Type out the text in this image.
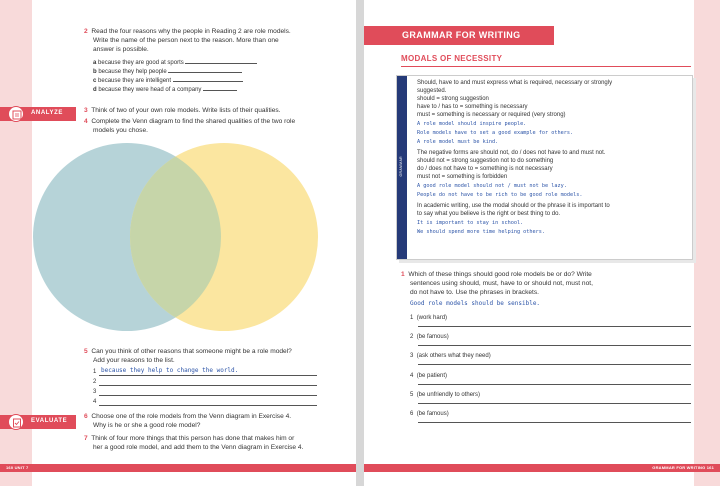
2 Read the four reasons why the people in Reading 2 are role models.
Write the name of the person next to the reason. More than one
answer is possible.
a because they are good at sports
b because they help people
c because they are intelligent
d because they were head of a company
ANALYZE	3 Think of two of your own role models. Write lists of their qualities.
4 Complete the Venn diagram to find the shared qualities of the two role
models you chose.
5 Can you think of other reasons that someone might be a role model?
Add your reasons to the list.
1 because they help to change the world.
2
3
4
EVALUATE
6 Choose one of the role models from the Venn diagram in Exercise 4.
Why is he or she a good role model?
7 Think of four more things that this person has done that makes him or
her a good role model, and add them to the Venn diagram in Exercise 4.
160 UNIT 7
GRAMMAR FOR WRITING
MODALS OF NECESSITY
GRAMMAR
Should, have to and must express what is required, necessary or strongly
suggested.
should = strong suggestion
have to / has to = something is necessary
must = something is necessary or required (very strong)
A role model should inspire people.
Role models have to set a good example for others.
A role model must be kind.
The negative forms are should not, do / does not have to and must not.
should not = strong suggestion not to do something
do / does not have to = something is not necessary
must not = something is forbidden
A good role model should not / must not be lazy.
People do not have to be rich to be good role models.
In academic writing, use the modal should or the phrase it is important to
to say what you believe is the right or best thing to do.
It is important to stay in school.
We should spend more time helping others.
1 Which of these things should good role models be or do? Write
sentences using should, must, have to or should not, must not,
do not have to. Use the phrases in brackets.
Good role models should be sensible.
1 (work hard)
2 (be famous)
3 (ask others what they need)
4 (be patient)
5 (be unfriendly to others)
6 (be famous)
GRAMMAR FOR WRITING 161
